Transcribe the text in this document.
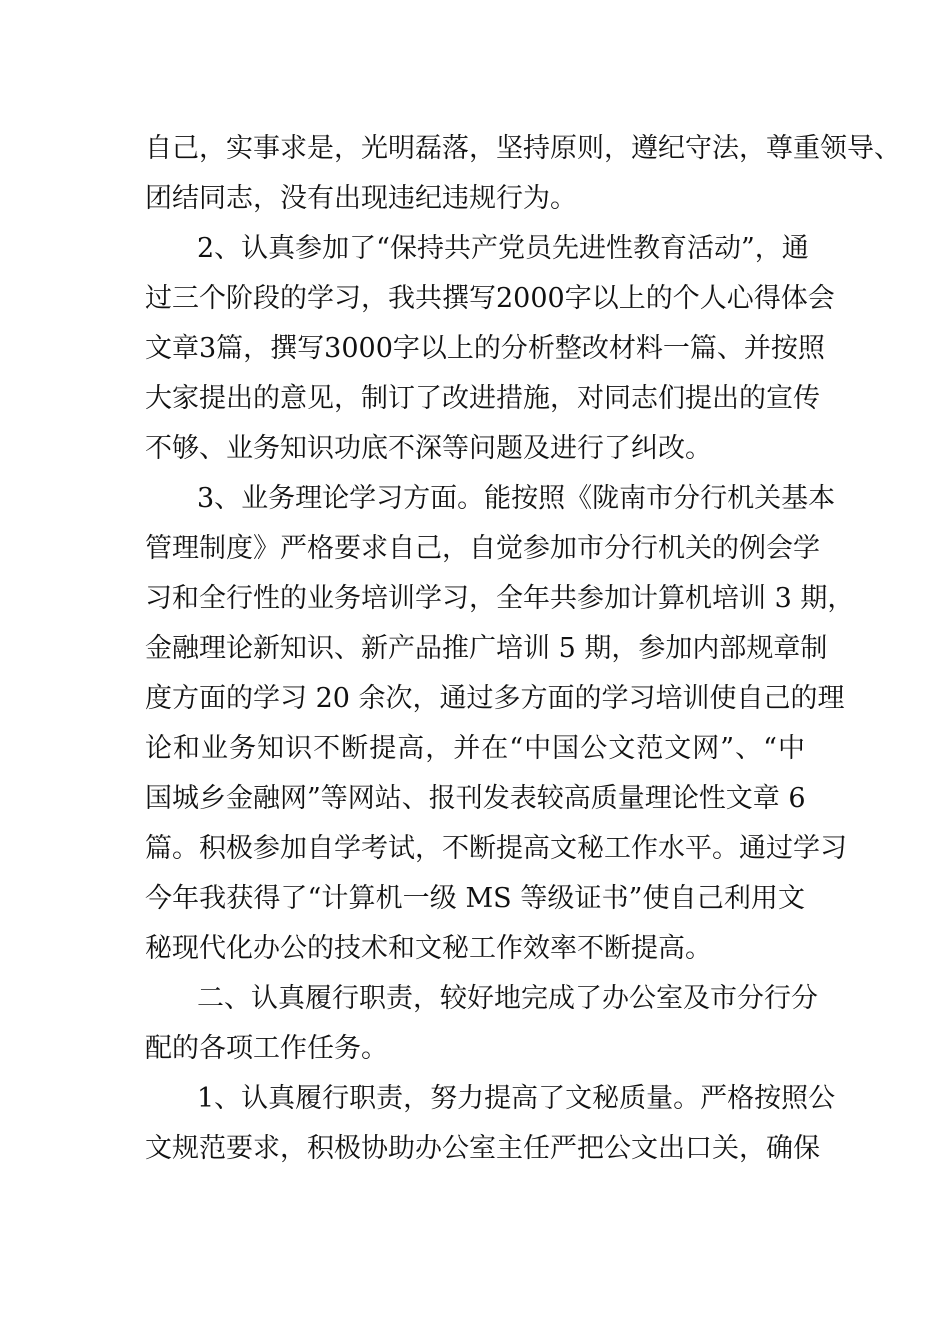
自己，实事求是，光明磊落，坚持原则，遵纪守法，尊重领导、
团结同志，没有出现违纪违规行为。
2、认真参加了“保持共产党员先进性教育活动”，通
过三个阶段的学习，我共撰写2000字以上的个人心得体会
文章3篇，撰写3000字以上的分析整改材料一篇、并按照
大家提出的意见，制订了改进措施，对同志们提出的宣传
不够、业务知识功底不深等问题及进行了纠改。
3、业务理论学习方面。能按照《陇南市分行机关基本
管理制度》严格要求自己，自觉参加市分行机关的例会学
习和全行性的业务培训学习，全年共参加计算机培训 3 期，
金融理论新知识、新产品推广培训 5 期，参加内部规章制
度方面的学习 20 余次，通过多方面的学习培训使自己的理
论和业务知识不断提高，并在“中国公文范文网”、“中
国城乡金融网”等网站、报刊发表较高质量理论性文章 6
篇。积极参加自学考试，不断提高文秘工作水平。通过学习
今年我获得了“计算机一级 MS 等级证书”使自己利用文
秘现代化办公的技术和文秘工作效率不断提高。
二、认真履行职责，较好地完成了办公室及市分行分
配的各项工作任务。
1、认真履行职责，努力提高了文秘质量。严格按照公
文规范要求，积极协助办公室主任严把公文出口关，确保
